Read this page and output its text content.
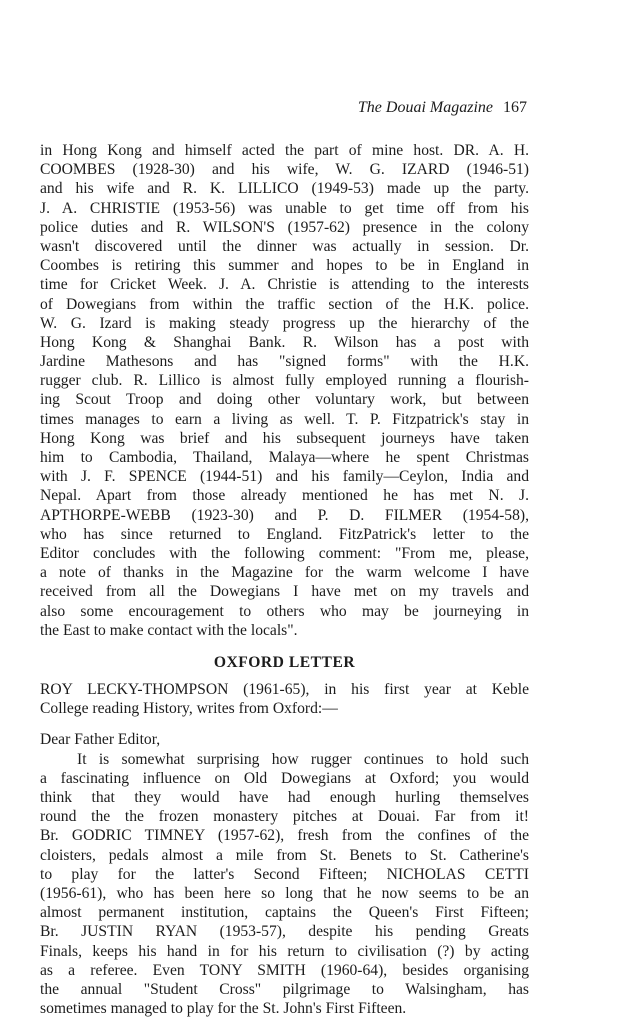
The Douai Magazine 167
in Hong Kong and himself acted the part of mine host. DR. A. H.
COOMBES (1928-30) and his wife, W. G. IZARD (1946-51)
and his wife and R. K. LILLICO (1949-53) made up the party.
J. A. CHRISTIE (1953-56) was unable to get time off from his
police duties and R. WILSON'S (1957-62) presence in the colony
wasn't discovered until the dinner was actually in session. Dr.
Coombes is retiring this summer and hopes to be in England in
time for Cricket Week. J. A. Christie is attending to the interests
of Dowegians from within the traffic section of the H.K. police.
W. G. Izard is making steady progress up the hierarchy of the
Hong Kong & Shanghai Bank. R. Wilson has a post with
Jardine Mathesons and has "signed forms" with the H.K.
rugger club. R. Lillico is almost fully employed running a flourish-
ing Scout Troop and doing other voluntary work, but between
times manages to earn a living as well. T. P. Fitzpatrick's stay in
Hong Kong was brief and his subsequent journeys have taken
him to Cambodia, Thailand, Malaya—where he spent Christmas
with J. F. SPENCE (1944-51) and his family—Ceylon, India and
Nepal. Apart from those already mentioned he has met N. J.
APTHORPE-WEBB (1923-30) and P. D. FILMER (1954-58),
who has since returned to England. FitzPatrick's letter to the
Editor concludes with the following comment: "From me, please,
a note of thanks in the Magazine for the warm welcome I have
received from all the Dowegians I have met on my travels and
also some encouragement to others who may be journeying in
the East to make contact with the locals".
OXFORD LETTER
ROY LECKY-THOMPSON (1961-65), in his first year at Keble
College reading History, writes from Oxford:—
Dear Father Editor,
It is somewhat surprising how rugger continues to hold such
a fascinating influence on Old Dowegians at Oxford; you would
think that they would have had enough hurling themselves
round the the frozen monastery pitches at Douai. Far from it!
Br. GODRIC TIMNEY (1957-62), fresh from the confines of the
cloisters, pedals almost a mile from St. Benets to St. Catherine's
to play for the latter's Second Fifteen; NICHOLAS CETTI
(1956-61), who has been here so long that he now seems to be an
almost permanent institution, captains the Queen's First Fifteen;
Br. JUSTIN RYAN (1953-57), despite his pending Greats
Finals, keeps his hand in for his return to civilisation (?) by acting
as a referee. Even TONY SMITH (1960-64), besides organising
the annual "Student Cross" pilgrimage to Walsingham, has
sometimes managed to play for the St. John's First Fifteen.
